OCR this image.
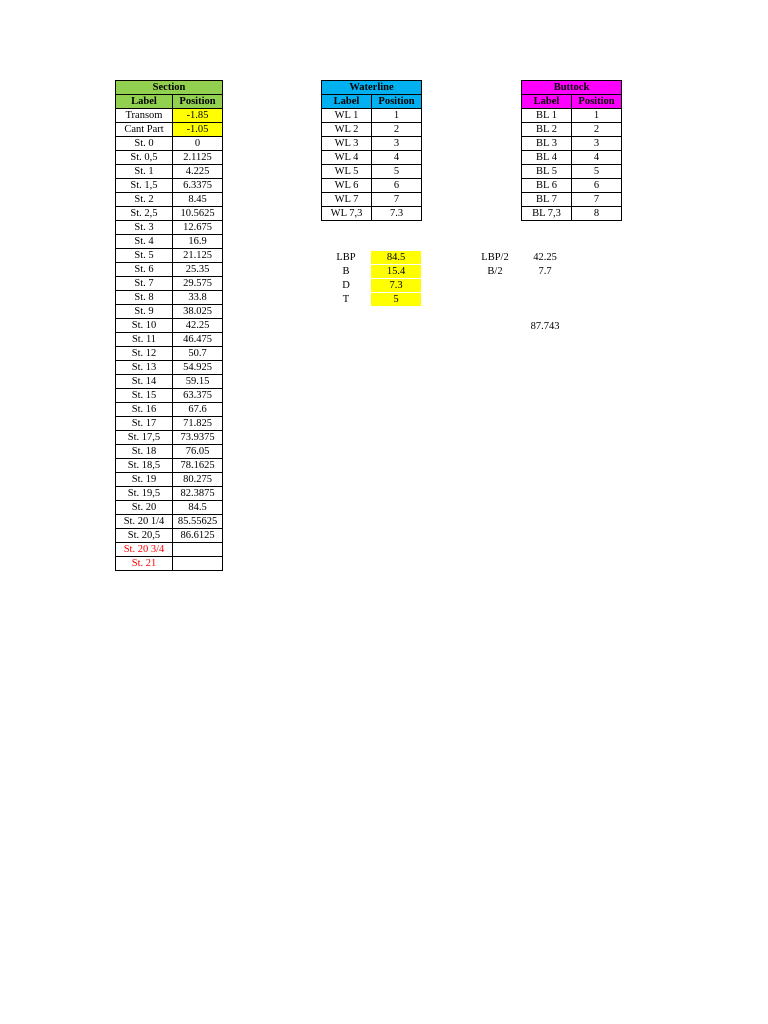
Section	
Label	Position
Transom	-1.85
Cant Part	-1.05
St. 0	0
St. 0,5	2.1125
St. 1	4.225
St. 1,5	6.3375
St. 2	8.45
St. 2,5	10.5625
St. 3	12.675
St. 4	16.9
St. 5	21.125
St. 6	25.35
St. 7	29.575
St. 8	33.8
St. 9	38.025
St. 10	42.25
St. 11	46.475
St. 12	50.7
St. 13	54.925
St. 14	59.15
St. 15	63.375
St. 16	67.6
St. 17	71.825
St. 17,5	73.9375
St. 18	76.05
St. 18,5	78.1625
St. 19	80.275
St. 19,5	82.3875
St. 20	84.5
St. 20 1/4	85.55625
St. 20,5	86.6125
St. 20 3/4	
St. 21	
Waterline	
Label	Position
WL 1	1
WL 2	2
WL 3	3
WL 4	4
WL 5	5
WL 6	6
WL 7	7
WL 7,3	7.3
Buttock	
Label	Position
BL 1	1
BL 2	2
BL 3	3
BL 4	4
BL 5	5
BL 6	6
BL 7	7
BL 7,3	8
LBP	84.5
B	15.4
D	7.3
T	5
LBP/2	42.25
B/2	7.7
87.743
